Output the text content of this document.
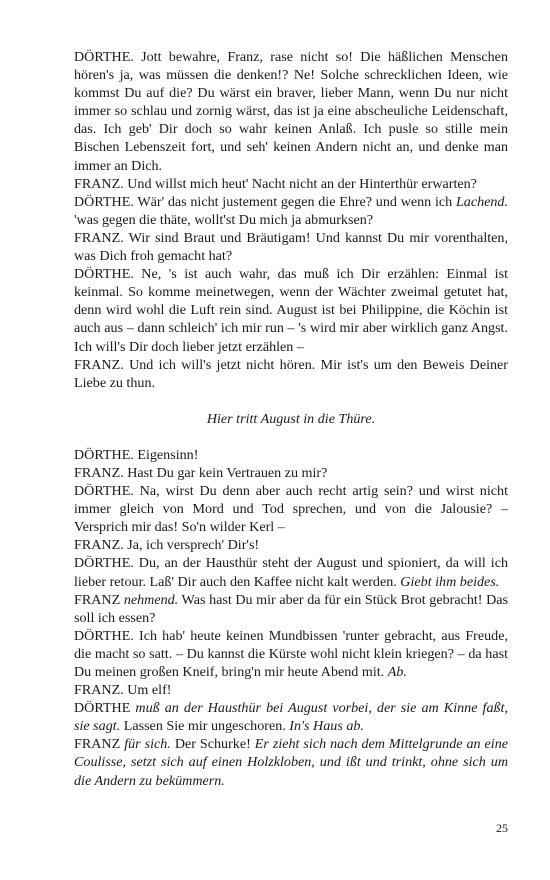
DÖRTHE. Jott bewahre, Franz, rase nicht so! Die häßlichen Menschen hören's ja, was müssen die denken!? Ne! Solche schrecklichen Ideen, wie kommst Du auf die? Du wärst ein braver, lieber Mann, wenn Du nur nicht immer so schlau und zornig wärst, das ist ja eine abscheuliche Leidenschaft, das. Ich geb' Dir doch so wahr keinen Anlaß. Ich pusle so stille mein Bischen Lebenszeit fort, und seh' keinen Andern nicht an, und denke man immer an Dich.

FRANZ. Und willst mich heut' Nacht nicht an der Hinterthür erwarten?

DÖRTHE. Wär' das nicht justement gegen die Ehre? und wenn ich Lachend. 'was gegen die thäte, wollt'st Du mich ja abmurksen?

FRANZ. Wir sind Braut und Bräutigam! Und kannst Du mir vorenthalten, was Dich froh gemacht hat?

DÖRTHE. Ne, 's ist auch wahr, das muß ich Dir erzählen: Einmal ist keinmal. So komme meinetwegen, wenn der Wächter zweimal getutet hat, denn wird wohl die Luft rein sind. August ist bei Philippine, die Köchin ist auch aus – dann schleich' ich mir run – 's wird mir aber wirklich ganz Angst. Ich will's Dir doch lieber jetzt erzählen –

FRANZ. Und ich will's jetzt nicht hören. Mir ist's um den Beweis Deiner Liebe zu thun.

Hier tritt August in die Thüre.

DÖRTHE. Eigensinn!

FRANZ. Hast Du gar kein Vertrauen zu mir?

DÖRTHE. Na, wirst Du denn aber auch recht artig sein? und wirst nicht immer gleich von Mord und Tod sprechen, und von die Jalousie? – Versprich mir das! So'n wilder Kerl –

FRANZ. Ja, ich versprech' Dir's!

DÖRTHE. Du, an der Hausthür steht der August und spioniert, da will ich lieber retour. Laß' Dir auch den Kaffee nicht kalt werden. Giebt ihm beides.

FRANZ nehmend. Was hast Du mir aber da für ein Stück Brot gebracht! Das soll ich essen?

DÖRTHE. Ich hab' heute keinen Mundbissen 'runter gebracht, aus Freude, die macht so satt. – Du kannst die Kürste wohl nicht klein kriegen? – da hast Du meinen großen Kneif, bring'n mir heute Abend mit. Ab.

FRANZ. Um elf!

DÖRTHE muß an der Hausthür bei August vorbei, der sie am Kinne faßt, sie sagt. Lassen Sie mir ungeschoren. In's Haus ab.

FRANZ für sich. Der Schurke! Er zieht sich nach dem Mittelgrunde an eine Coulisse, setzt sich auf einen Holzkloben, und ißt und trinkt, ohne sich um die Andern zu bekümmern.

25
